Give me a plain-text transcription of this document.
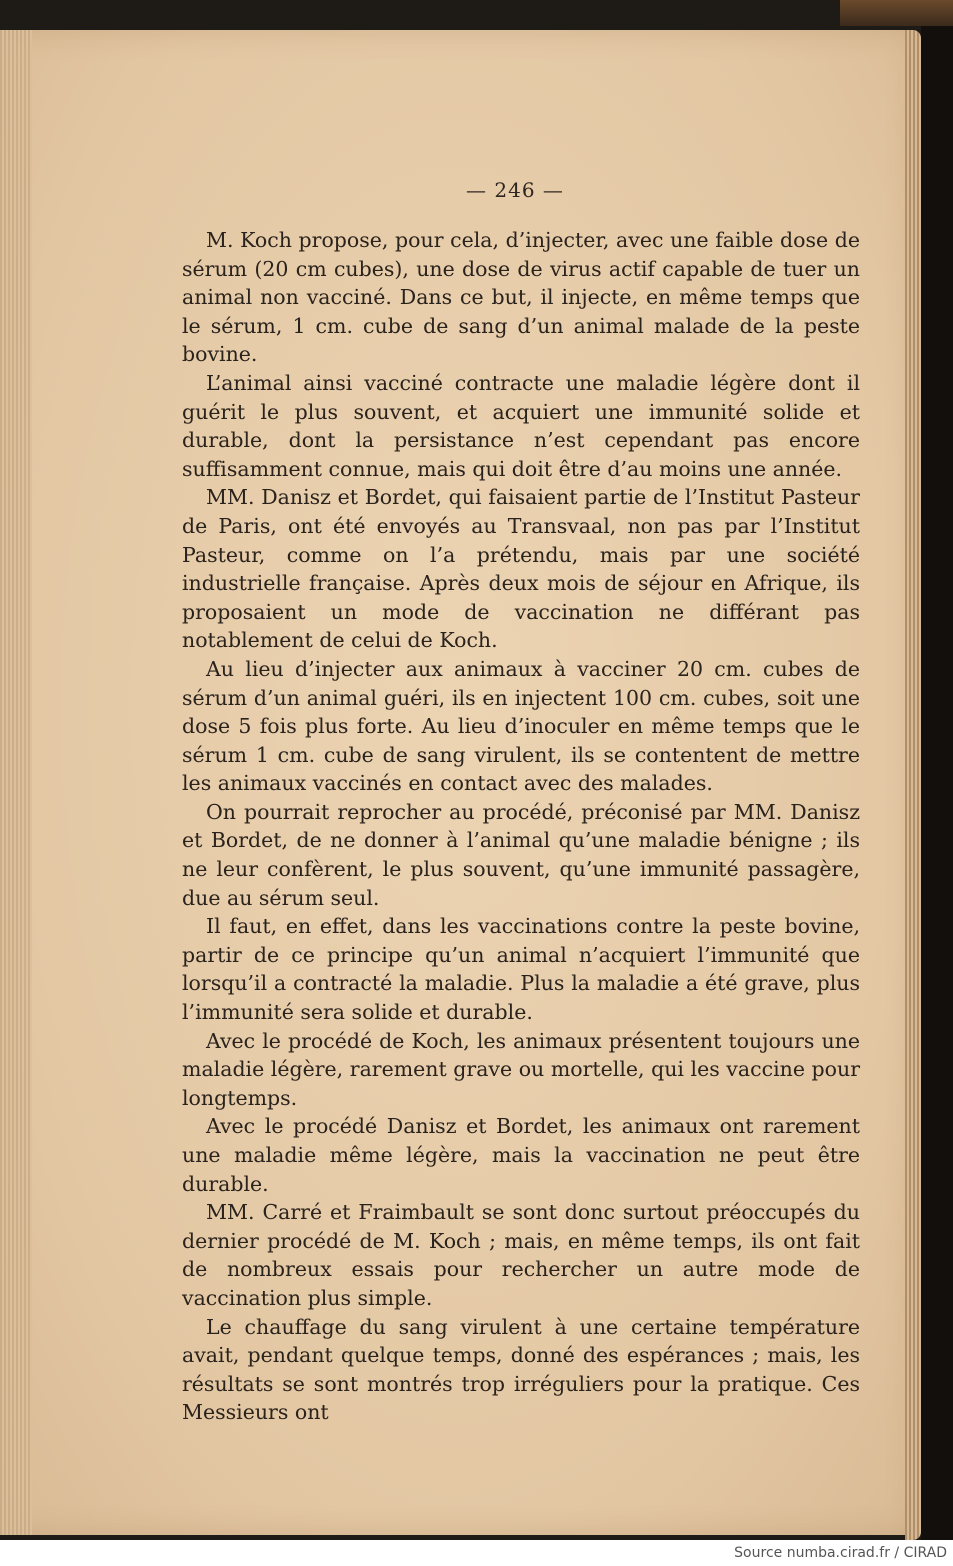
— 246 —

M. Koch propose, pour cela, d’injecter, avec une faible dose de sérum (20 cm cubes), une dose de virus actif capable de tuer un animal non vacciné. Dans ce but, il injecte, en même temps que le sérum, 1 cm. cube de sang d’un animal malade de la peste bovine.

L’animal ainsi vacciné contracte une maladie légère dont il guérit le plus souvent, et acquiert une immunité solide et durable, dont la persistance n’est cependant pas encore suffisamment connue, mais qui doit être d’au moins une année.

MM. Danisz et Bordet, qui faisaient partie de l’Institut Pasteur de Paris, ont été envoyés au Transvaal, non pas par l’Institut Pasteur, comme on l’a prétendu, mais par une société industrielle française. Après deux mois de séjour en Afrique, ils proposaient un mode de vaccination ne différant pas notablement de celui de Koch.

Au lieu d’injecter aux animaux à vacciner 20 cm. cubes de sérum d’un animal guéri, ils en injectent 100 cm. cubes, soit une dose 5 fois plus forte. Au lieu d’inoculer en même temps que le sérum 1 cm. cube de sang virulent, ils se contentent de mettre les animaux vaccinés en contact avec des malades.

On pourrait reprocher au procédé, préconisé par MM. Danisz et Bordet, de ne donner à l’animal qu’une maladie bénigne ; ils ne leur confèrent, le plus souvent, qu’une immunité passagère, due au sérum seul.

Il faut, en effet, dans les vaccinations contre la peste bovine, partir de ce principe qu’un animal n’acquiert l’immunité que lorsqu’il a contracté la maladie. Plus la maladie a été grave, plus l’immunité sera solide et durable.

Avec le procédé de Koch, les animaux présentent toujours une maladie légère, rarement grave ou mortelle, qui les vaccine pour longtemps.

Avec le procédé Danisz et Bordet, les animaux ont rarement une maladie même légère, mais la vaccination ne peut être durable.

MM. Carré et Fraimbault se sont donc surtout préoccupés du dernier procédé de M. Koch ; mais, en même temps, ils ont fait de nombreux essais pour rechercher un autre mode de vaccination plus simple.

Le chauffage du sang virulent à une certaine température avait, pendant quelque temps, donné des espérances ; mais, les résultats se sont montrés trop irréguliers pour la pratique. Ces Messieurs ont

Source numba.cirad.fr / CIRAD
